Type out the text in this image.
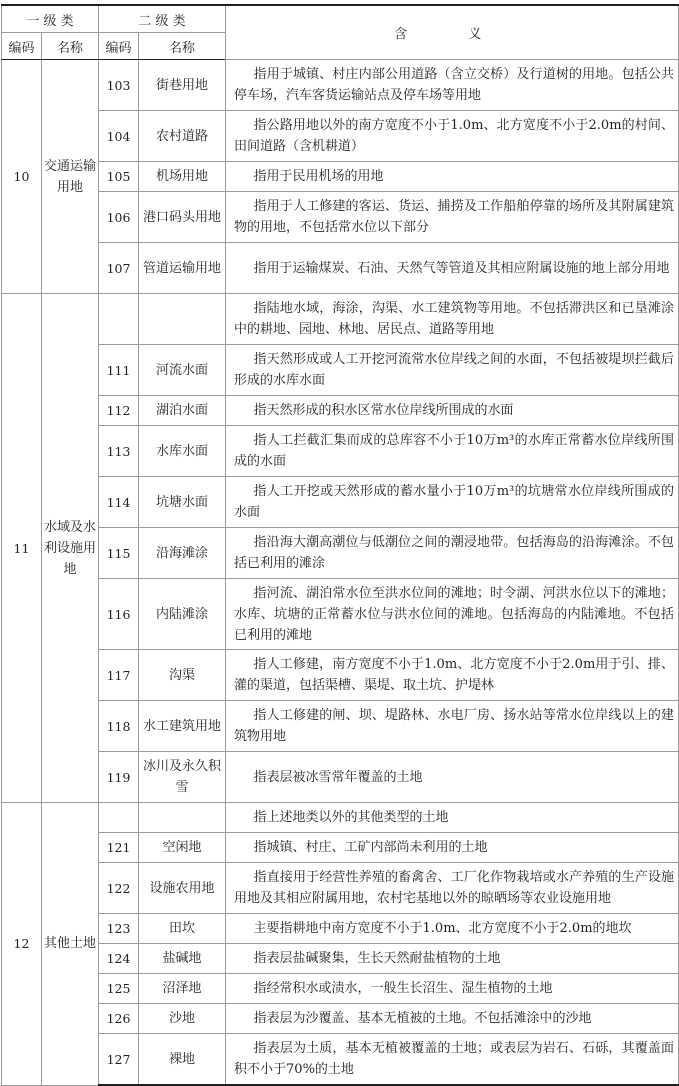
一 级 类		二 级 类		含 义
编码	名称	编码	名称	
10	交通运输用地	103	街巷用地	指用于城镇、村庄内部公用道路（含立交桥）及行道树的用地。包括公共停车场，汽车客货运输站点及停车场等用地
		104	农村道路	指公路用地以外的南方宽度不小于1.0m、北方宽度不小于2.0m的村间、田间道路（含机耕道）
		105	机场用地	指用于民用机场的用地
		106	港口码头用地	指用于人工修建的客运、货运、捕捞及工作船舶停靠的场所及其附属建筑物的用地，不包括常水位以下部分
		107	管道运输用地	指用于运输煤炭、石油、天然气等管道及其相应附属设施的地上部分用地
11	水域及水利设施用地			指陆地水域，海涂，沟渠、水工建筑物等用地。不包括滞洪区和已垦滩涂中的耕地、园地、林地、居民点、道路等用地
		111	河流水面	指天然形成或人工开挖河流常水位岸线之间的水面，不包括被堤坝拦截后形成的水库水面
		112	湖泊水面	指天然形成的积水区常水位岸线所围成的水面
		113	水库水面	指人工拦截汇集而成的总库容不小于10万m³的水库正常蓄水位岸线所围成的水面
		114	坑塘水面	指人工开挖或天然形成的蓄水量小于10万m³的坑塘常水位岸线所围成的水面
		115	沿海滩涂	指沿海大潮高潮位与低潮位之间的潮浸地带。包括海岛的沿海滩涂。不包括已利用的滩涂
		116	内陆滩涂	指河流、湖泊常水位至洪水位间的滩地；时令湖、河洪水位以下的滩地；水库、坑塘的正常蓄水位与洪水位间的滩地。包括海岛的内陆滩地。不包括已利用的滩地
		117	沟渠	指人工修建，南方宽度不小于1.0m、北方宽度不小于2.0m用于引、排、灌的渠道，包括渠槽、渠堤、取土坑、护堤林
		118	水工建筑用地	指人工修建的闸、坝、堤路林、水电厂房、扬水站等常水位岸线以上的建筑物用地
		119	冰川及永久积雪	指表层被冰雪常年覆盖的土地
12	其他土地			指上述地类以外的其他类型的土地
		121	空闲地	指城镇、村庄、工矿内部尚未利用的土地
		122	设施农用地	指直接用于经营性养殖的畜禽舍、工厂化作物栽培或水产养殖的生产设施用地及其相应附属用地，农村宅基地以外的晾晒场等农业设施用地
		123	田坎	主要指耕地中南方宽度不小于1.0m、北方宽度不小于2.0m的地坎
		124	盐碱地	指表层盐碱聚集，生长天然耐盐植物的土地
		125	沼泽地	指经常积水或渍水，一般生长沼生、湿生植物的土地
		126	沙地	指表层为沙覆盖、基本无植被的土地。不包括滩涂中的沙地
		127	裸地	指表层为土质，基本无植被覆盖的土地；或表层为岩石、石砾，其覆盖面积不小于70%的土地
